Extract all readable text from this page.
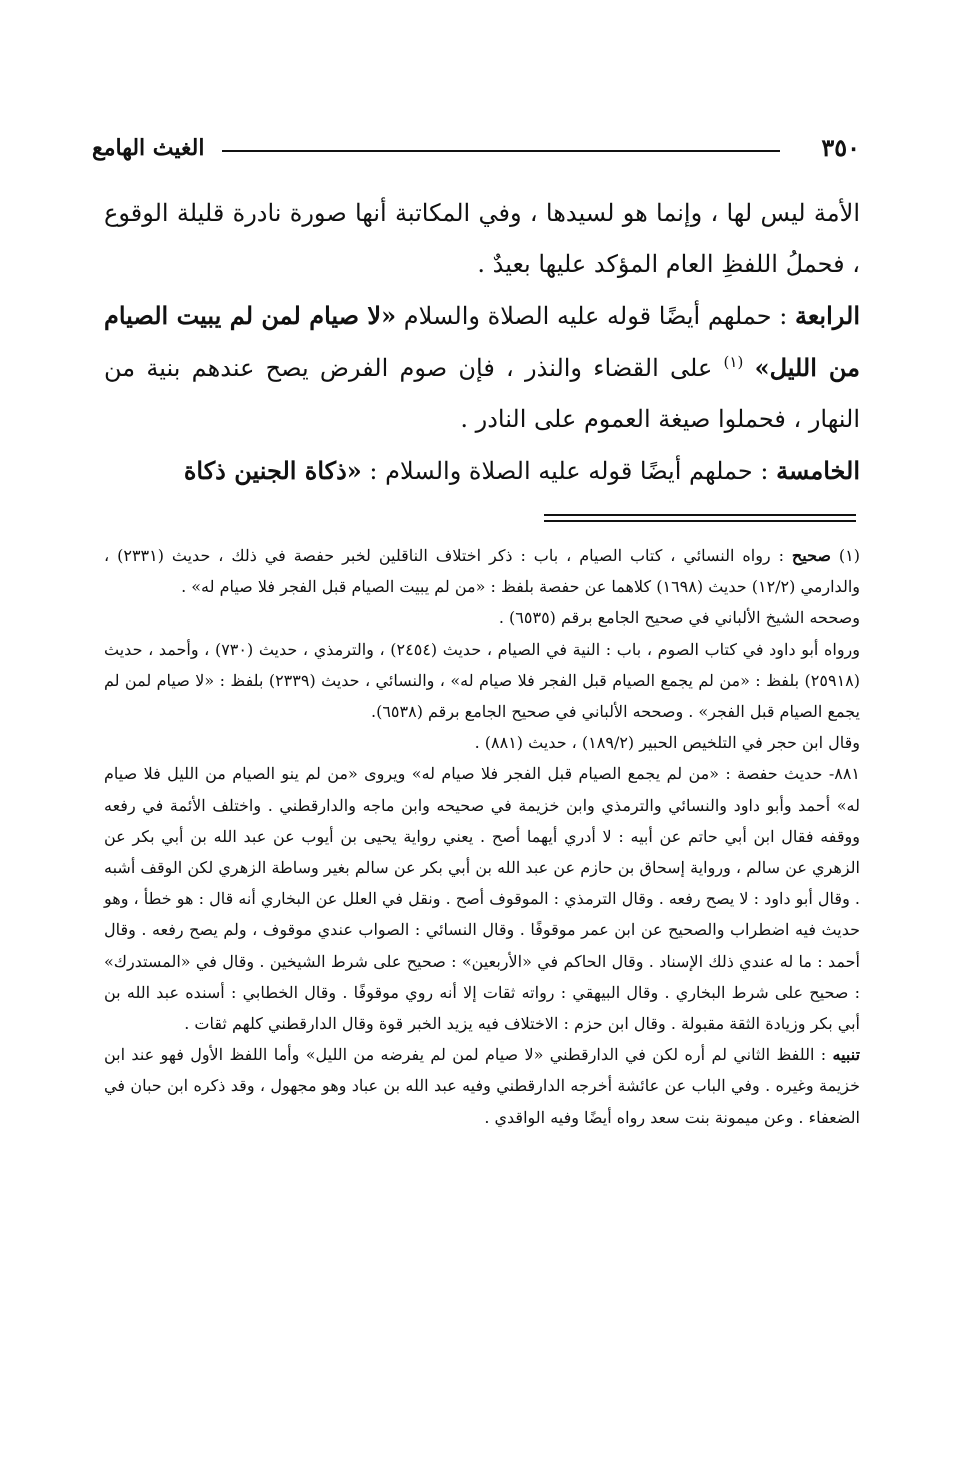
٣٥٠
الغيث الهامع

الأمة ليس لها ، وإنما هو لسيدها ، وفي المكاتبة أنها صورة نادرة قليلة الوقوع ، فحملُ اللفظِ العام المؤكد عليها بعيدٌ .

الرابعة : حملهم أيضًا قوله عليه الصلاة والسلام «لا صيام لمن لم يبيت الصيام من الليل» $^{(١)}$ على القضاء والنذر ، فإن صوم الفرض يصح عندهم بنية من النهار ، فحملوا صيغة العموم على النادر .

الخامسة : حملهم أيضًا قوله عليه الصلاة والسلام : «ذكاة الجنين ذكاة

(١) صحيح : رواه النسائي ، كتاب الصيام ، باب : ذكر اختلاف الناقلين لخبر حفصة في ذلك ، حديث (٢٣٣١) ، والدارمي (١٢/٢) حديث (١٦٩٨) كلاهما عن حفصة بلفظ : «من لم يبيت الصيام قبل الفجر فلا صيام له» .

وصححه الشيخ الألباني في صحيح الجامع برقم (٦٥٣٥) .

ورواه أبو داود في كتاب الصوم ، باب : النية في الصيام ، حديث (٢٤٥٤) ، والترمذي ، حديث (٧٣٠) ، وأحمد ، حديث (٢٥٩١٨) بلفظ : «من لم يجمع الصيام قبل الفجر فلا صيام له» ، والنسائي ، حديث (٢٣٣٩) بلفظ : «لا صيام لمن لم يجمع الصيام قبل الفجر» . وصححه الألباني في صحيح الجامع برقم (٦٥٣٨).

وقال ابن حجر في التلخيص الحبير (١٨٩/٢) ، حديث (٨٨١) .

٨٨١- حديث حفصة : «من لم يجمع الصيام قبل الفجر فلا صيام له» ويروى «من لم ينو الصيام من الليل فلا صيام له» أحمد وأبو داود والنسائي والترمذي وابن خزيمة في صحيحه وابن ماجه والدارقطني . واختلف الأئمة في رفعه ووقفه فقال ابن أبي حاتم عن أبيه : لا أدري أيهما أصح . يعني رواية يحيى بن أيوب عن عبد الله بن أبي بكر عن الزهري عن سالم ، ورواية إسحاق بن حازم عن عبد الله بن أبي بكر عن سالم بغير وساطة الزهري لكن الوقف أشبه . وقال أبو داود : لا يصح رفعه . وقال الترمذي : الموقوف أصح . ونقل في العلل عن البخاري أنه قال : هو خطأ ، وهو حديث فيه اضطراب والصحيح عن ابن عمر موقوفًا . وقال النسائي : الصواب عندي موقوف ، ولم يصح رفعه . وقال أحمد : ما له عندي ذلك الإسناد . وقال الحاكم في «الأربعين» : صحيح على شرط الشيخين . وقال في «المستدرك» : صحيح على شرط البخاري . وقال البيهقي : رواته ثقات إلا أنه روي موقوفًا . وقال الخطابي : أسنده عبد الله بن أبي بكر وزيادة الثقة مقبولة . وقال ابن حزم : الاختلاف فيه يزيد الخبر قوة وقال الدارقطني كلهم ثقات .

تنبيه : اللفظ الثاني لم أره لكن في الدارقطني «لا صيام لمن لم يفرضه من الليل» وأما اللفظ الأول فهو عند ابن خزيمة وغيره . وفي الباب عن عائشة أخرجه الدارقطني وفيه عبد الله بن عباد وهو مجهول ، وقد ذكره ابن حبان في الضعفاء . وعن ميمونة بنت سعد رواه أيضًا وفيه الواقدي .
